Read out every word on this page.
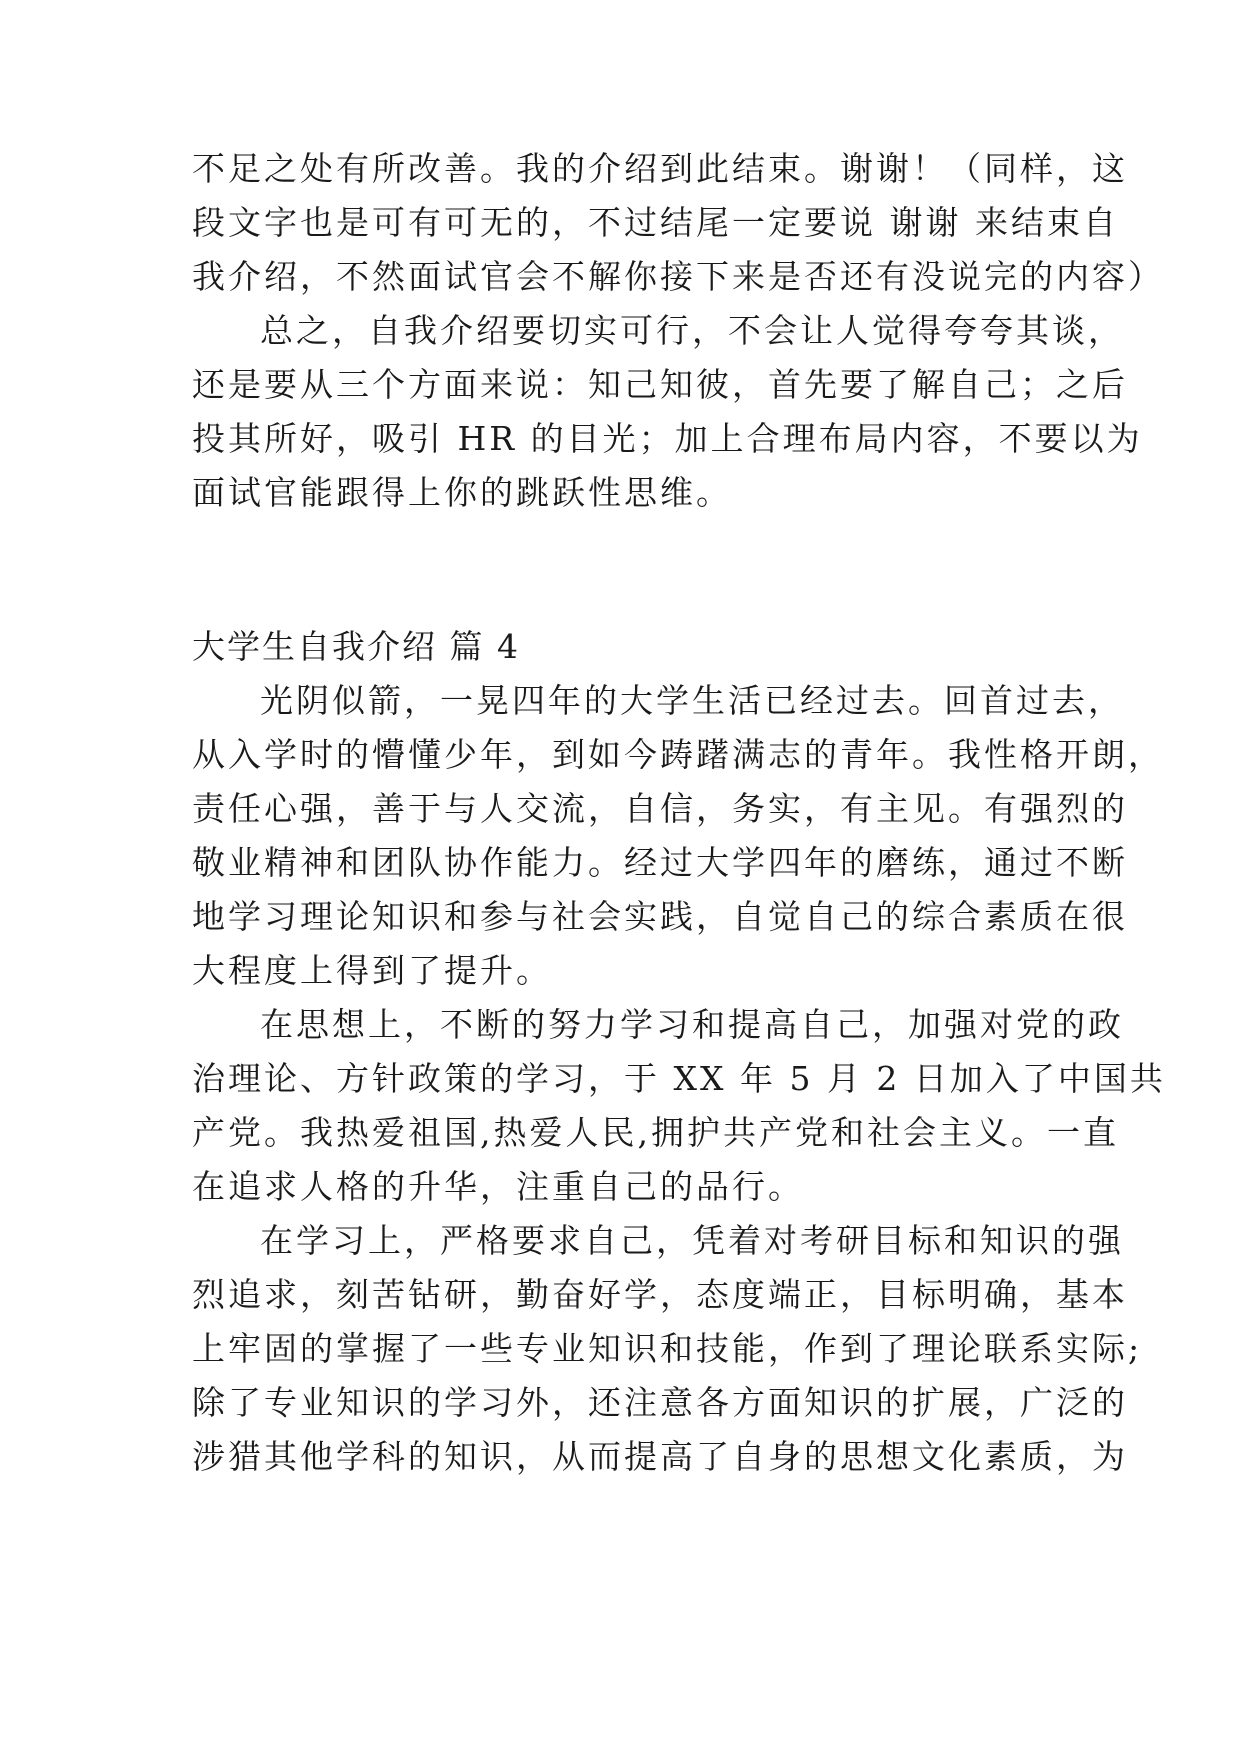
不足之处有所改善。我的介绍到此结束。谢谢！（同样，这
段文字也是可有可无的，不过结尾一定要说 谢谢 来结束自
我介绍，不然面试官会不解你接下来是否还有没说完的内容）
总之，自我介绍要切实可行，不会让人觉得夸夸其谈，
还是要从三个方面来说：知己知彼，首先要了解自己；之后
投其所好，吸引 HR 的目光；加上合理布局内容，不要以为
面试官能跟得上你的跳跃性思维。
大学生自我介绍 篇 4
光阴似箭，一晃四年的大学生活已经过去。回首过去，
从入学时的懵懂少年，到如今踌躇满志的青年。我性格开朗，
责任心强，善于与人交流，自信，务实，有主见。有强烈的
敬业精神和团队协作能力。经过大学四年的磨练，通过不断
地学习理论知识和参与社会实践，自觉自己的综合素质在很
大程度上得到了提升。
在思想上，不断的努力学习和提高自己，加强对党的政
治理论、方针政策的学习，于 XX 年 5 月 2 日加入了中国共
产党。我热爱祖国,热爱人民,拥护共产党和社会主义。一直
在追求人格的升华，注重自己的品行。
在学习上，严格要求自己，凭着对考研目标和知识的强
烈追求，刻苦钻研，勤奋好学，态度端正，目标明确，基本
上牢固的掌握了一些专业知识和技能，作到了理论联系实际;
除了专业知识的学习外，还注意各方面知识的扩展，广泛的
涉猎其他学科的知识，从而提高了自身的思想文化素质，为
